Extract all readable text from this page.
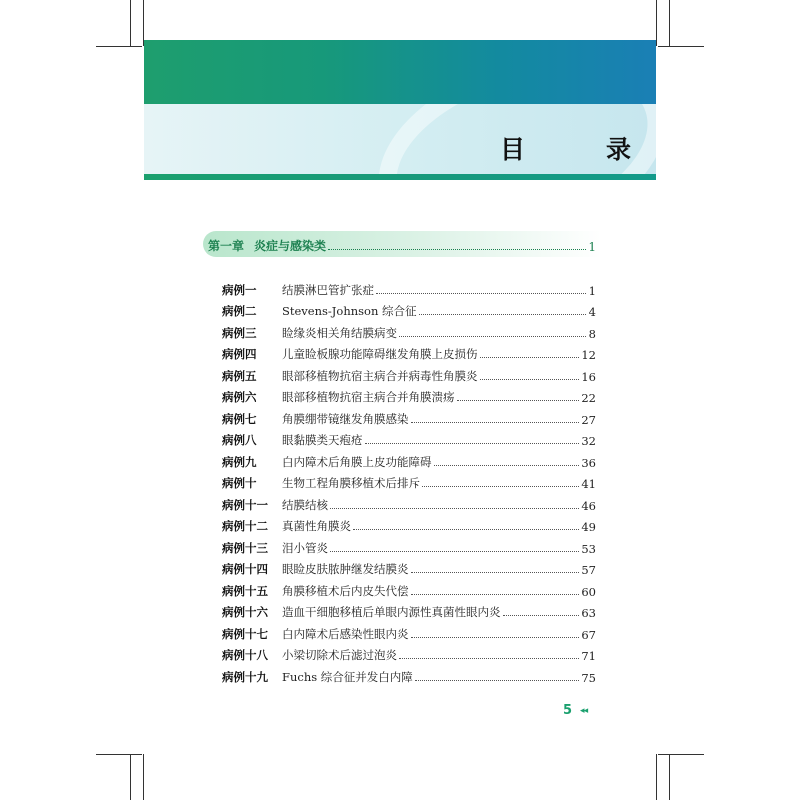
目　录
第一章 炎症与感染类	1
病例一	结膜淋巴管扩张症	1
病例二	Stevens-Johnson 综合征	4
病例三	睑缘炎相关角结膜病变	8
病例四	儿童睑板腺功能障碍继发角膜上皮损伤	12
病例五	眼部移植物抗宿主病合并病毒性角膜炎	16
病例六	眼部移植物抗宿主病合并角膜溃疡	22
病例七	角膜绷带镜继发角膜感染	27
病例八	眼黏膜类天疱疮	32
病例九	白内障术后角膜上皮功能障碍	36
病例十	生物工程角膜移植术后排斥	41
病例十一	结膜结核	46
病例十二	真菌性角膜炎	49
病例十三	泪小管炎	53
病例十四	眼睑皮肤脓肿继发结膜炎	57
病例十五	角膜移植术后内皮失代偿	60
病例十六	造血干细胞移植后单眼内源性真菌性眼内炎	63
病例十七	白内障术后感染性眼内炎	67
病例十八	小梁切除术后滤过泡炎	71
病例十九	Fuchs 综合征并发白内障	75
5 ◂◂
